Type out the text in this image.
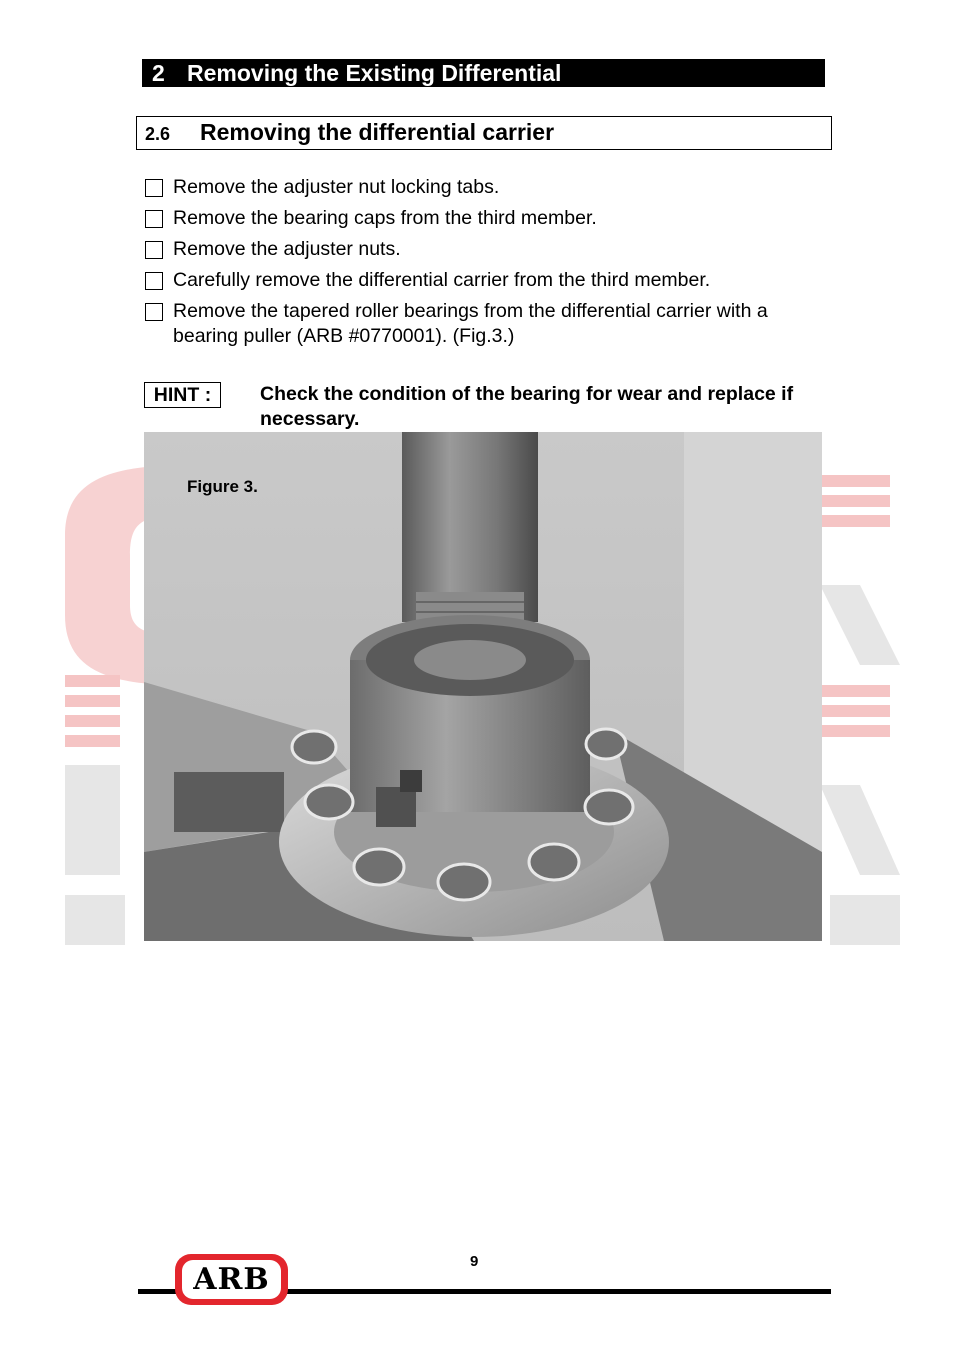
2 Removing the Existing Differential
2.6 Removing the differential carrier
Remove the adjuster nut locking tabs.
Remove the bearing caps from the third member.
Remove the adjuster nuts.
Carefully remove the differential carrier from the third member.
Remove the tapered roller bearings from the differential carrier with a bearing puller (ARB #0770001). (Fig.3.)
HINT :	Check the condition of the bearing for wear and replace if necessary.
Figure 3.
9
ARB
